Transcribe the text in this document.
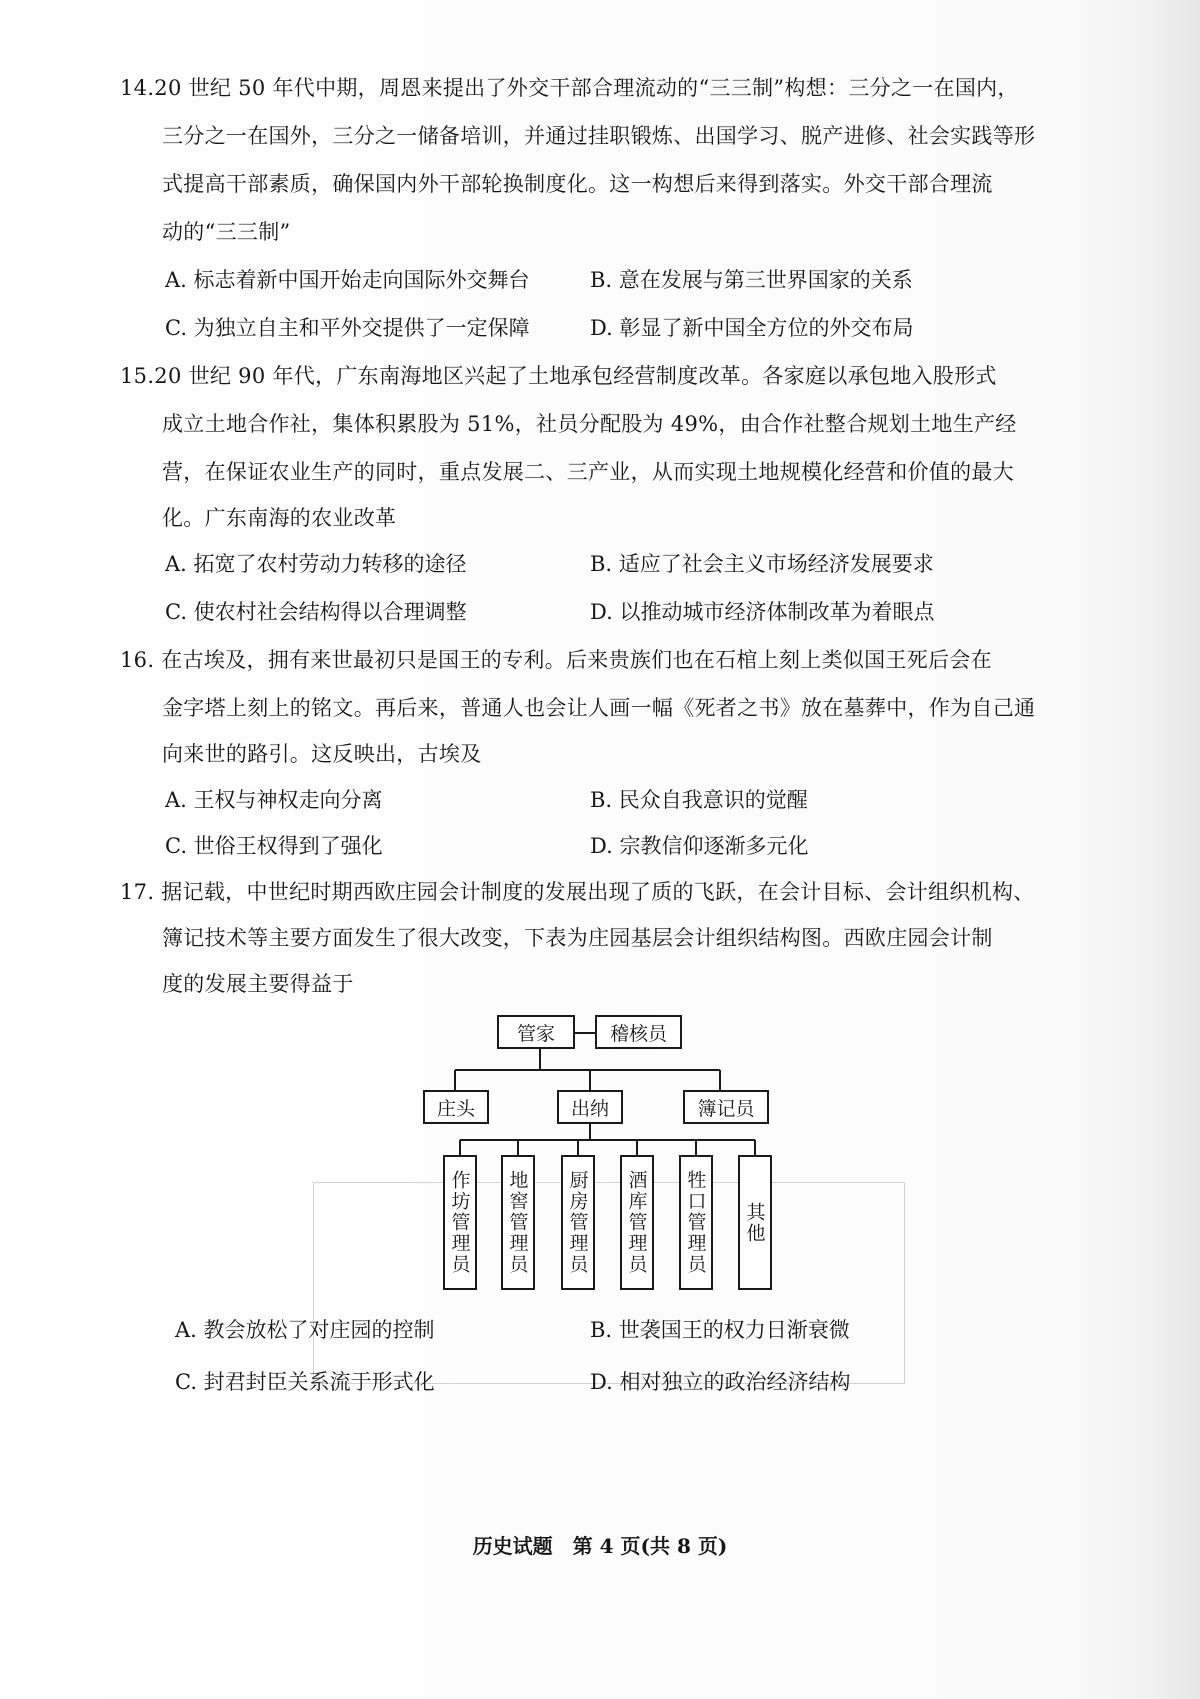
14.20 世纪 50 年代中期，周恩来提出了外交干部合理流动的“三三制”构想：三分之一在国内，
三分之一在国外，三分之一储备培训，并通过挂职锻炼、出国学习、脱产进修、社会实践等形
式提高干部素质，确保国内外干部轮换制度化。这一构想后来得到落实。外交干部合理流
动的“三三制”
A. 标志着新中国开始走向国际外交舞台	B. 意在发展与第三世界国家的关系
C. 为独立自主和平外交提供了一定保障	D. 彰显了新中国全方位的外交布局
15.20 世纪 90 年代，广东南海地区兴起了土地承包经营制度改革。各家庭以承包地入股形式
成立土地合作社，集体积累股为 51%，社员分配股为 49%，由合作社整合规划土地生产经
营，在保证农业生产的同时，重点发展二、三产业，从而实现土地规模化经营和价值的最大
化。广东南海的农业改革
A. 拓宽了农村劳动力转移的途径	B. 适应了社会主义市场经济发展要求
C. 使农村社会结构得以合理调整	D. 以推动城市经济体制改革为着眼点
16. 在古埃及，拥有来世最初只是国王的专利。后来贵族们也在石棺上刻上类似国王死后会在
金字塔上刻上的铭文。再后来，普通人也会让人画一幅《死者之书》放在墓葬中，作为自己通
向来世的路引。这反映出，古埃及
A. 王权与神权走向分离	B. 民众自我意识的觉醒
C. 世俗王权得到了强化	D. 宗教信仰逐渐多元化
17. 据记载，中世纪时期西欧庄园会计制度的发展出现了质的飞跃，在会计目标、会计组织机构、
簿记技术等主要方面发生了很大改变，下表为庄园基层会计组织结构图。西欧庄园会计制
度的发展主要得益于
管家	稽核员
庄头	出纳	簿记员
作坊管理员	地窖管理员	厨房管理员	酒库管理员	牲口管理员	其他
A. 教会放松了对庄园的控制	B. 世袭国王的权力日渐衰微
C. 封君封臣关系流于形式化	D. 相对独立的政治经济结构
历史试题　第 4 页(共 8 页)
